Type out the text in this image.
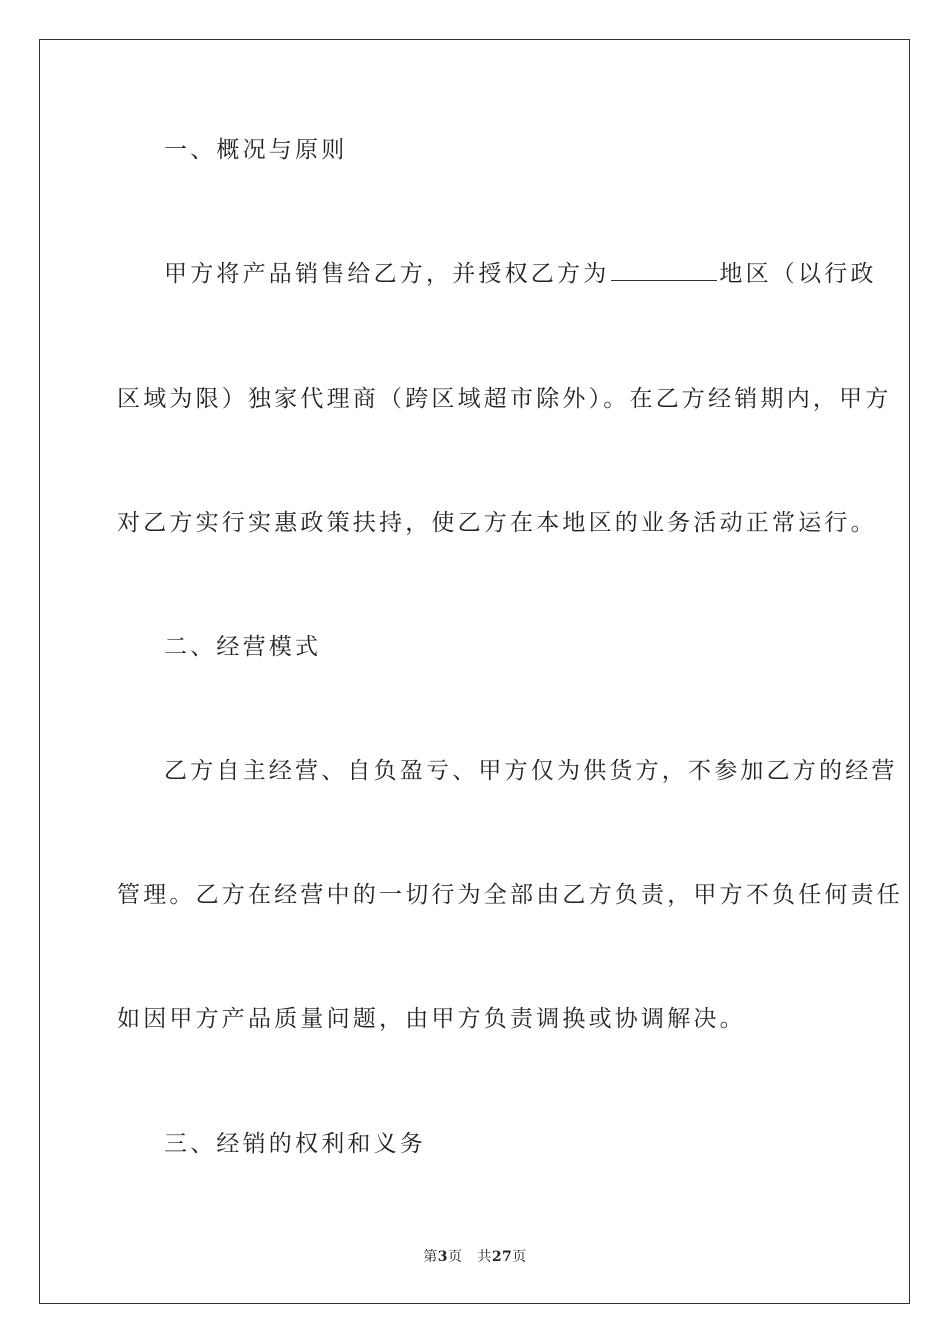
一、概况与原则
甲方将产品销售给乙方，并授权乙方为	地区（以行政
区域为限）独家代理商（跨区域超市除外）。在乙方经销期内，甲方
对乙方实行实惠政策扶持，使乙方在本地区的业务活动正常运行。
二、经营模式
乙方自主经营、自负盈亏、甲方仅为供货方，不参加乙方的经营
管理。乙方在经营中的一切行为全部由乙方负责，甲方不负任何责任
如因甲方产品质量问题，由甲方负责调换或协调解决。
三、经销的权利和义务
第3页 共27页
